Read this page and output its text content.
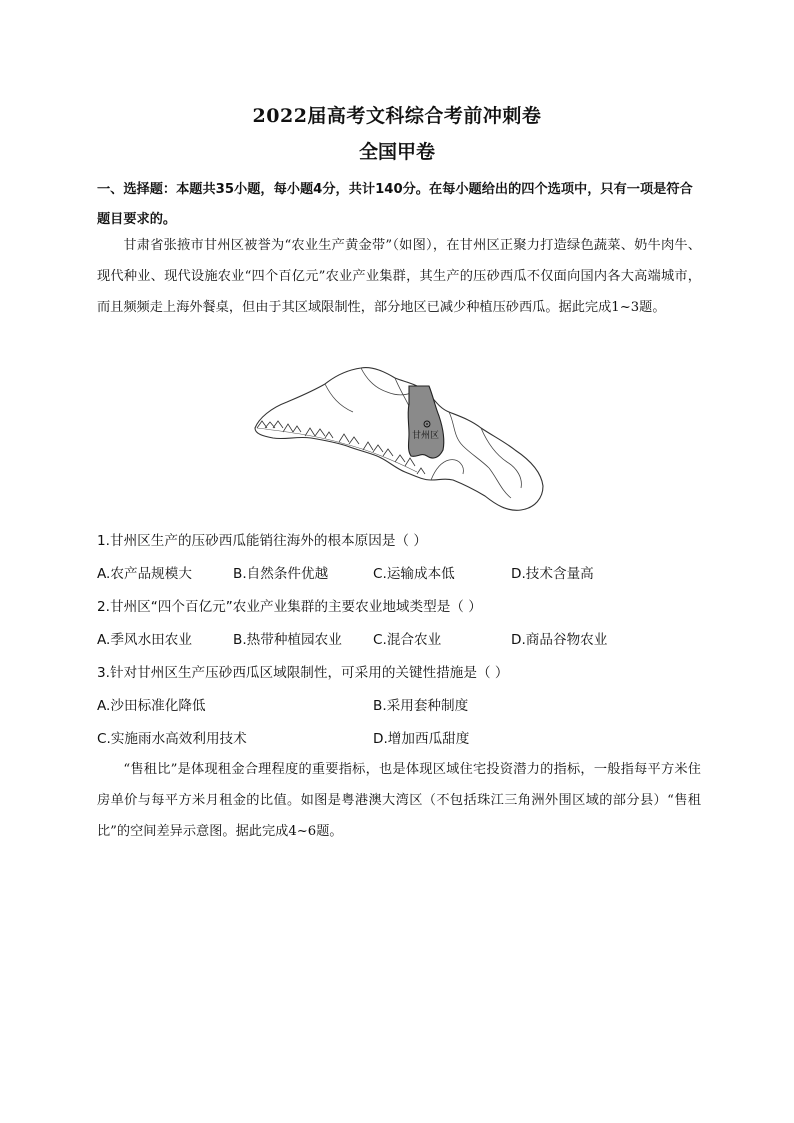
2022届高考文科综合考前冲刺卷
全国甲卷
一、选择题：本题共35小题，每小题4分，共计140分。在每小题给出的四个选项中，只有一项是符合题目要求的。
甘肃省张掖市甘州区被誉为“农业生产黄金带”（如图），在甘州区正聚力打造绿色蔬菜、奶牛肉牛、现代种业、现代设施农业“四个百亿元”农业产业集群，其生产的压砂西瓜不仅面向国内各大高端城市，而且频频走上海外餐桌，但由于其区域限制性，部分地区已减少种植压砂西瓜。据此完成1~3题。
甘州区
1.甘州区生产的压砂西瓜能销往海外的根本原因是（ ）
A.农产品规模大	B.自然条件优越	C.运输成本低	D.技术含量高
2.甘州区“四个百亿元”农业产业集群的主要农业地域类型是（ ）
A.季风水田农业	B.热带种植园农业 C.混合农业	D.商品谷物农业
3.针对甘州区生产压砂西瓜区域限制性，可采用的关键性措施是（ ）
A.沙田标准化降低	B.采用套种制度
C.实施雨水高效利用技术	D.增加西瓜甜度
“售租比”是体现租金合理程度的重要指标，也是体现区域住宅投资潜力的指标，一般指每平方米住房单价与每平方米月租金的比值。如图是粤港澳大湾区（不包括珠江三角洲外围区域的部分县）“售租比”的空间差异示意图。据此完成4~6题。
